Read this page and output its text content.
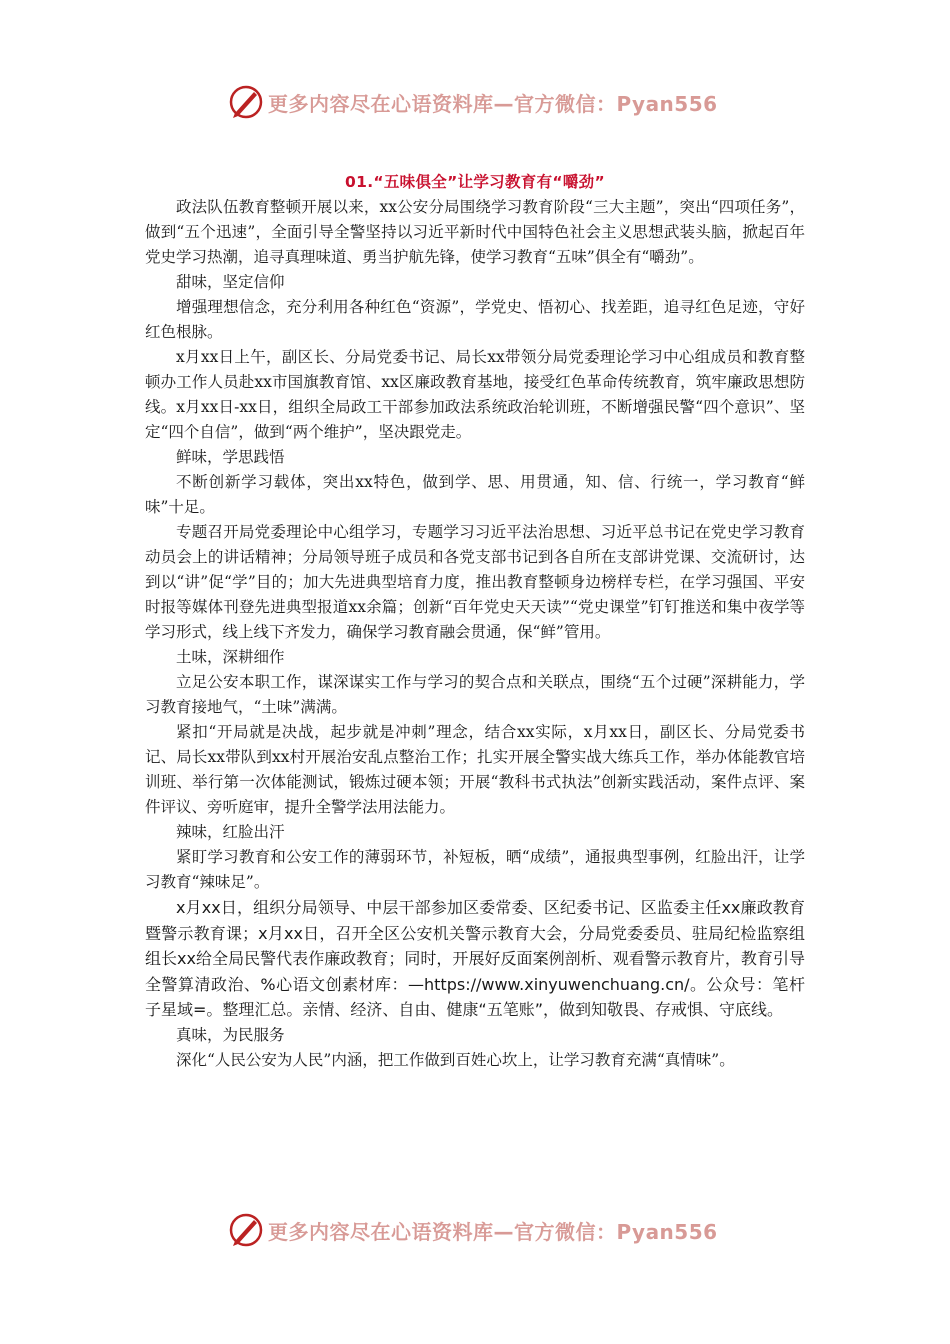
更多内容尽在心语资料库—官方微信：Pyan556
01.“五味俱全”让学习教育有“嚼劲”

政法队伍教育整顿开展以来，xx公安分局围绕学习教育阶段“三大主题”，突出“四项任务”，做到“五个迅速”，全面引导全警坚持以习近平新时代中国特色社会主义思想武装头脑，掀起百年党史学习热潮，追寻真理味道、勇当护航先锋，使学习教育“五味”俱全有“嚼劲”。

甜味，坚定信仰

增强理想信念，充分利用各种红色“资源”，学党史、悟初心、找差距，追寻红色足迹，守好红色根脉。

x月xx日上午，副区长、分局党委书记、局长xx带领分局党委理论学习中心组成员和教育整顿办工作人员赴xx市国旗教育馆、xx区廉政教育基地，接受红色革命传统教育，筑牢廉政思想防线。x月xx日-xx日，组织全局政工干部参加政法系统政治轮训班，不断增强民警“四个意识”、坚定“四个自信”，做到“两个维护”，坚决跟党走。

鲜味，学思践悟

不断创新学习载体，突出xx特色，做到学、思、用贯通，知、信、行统一，学习教育“鲜味”十足。

专题召开局党委理论中心组学习，专题学习习近平法治思想、习近平总书记在党史学习教育动员会上的讲话精神；分局领导班子成员和各党支部书记到各自所在支部讲党课、交流研讨，达到以“讲”促“学”目的；加大先进典型培育力度，推出教育整顿身边榜样专栏，在学习强国、平安时报等媒体刊登先进典型报道xx余篇；创新“百年党史天天读”“党史课堂”钉钉推送和集中夜学等学习形式，线上线下齐发力，确保学习教育融会贯通，保“鲜”管用。

土味，深耕细作

立足公安本职工作，谋深谋实工作与学习的契合点和关联点，围绕“五个过硬”深耕能力，学习教育接地气，“土味”满满。

紧扣“开局就是决战，起步就是冲刺”理念，结合xx实际，x月xx日，副区长、分局党委书记、局长xx带队到xx村开展治安乱点整治工作；扎实开展全警实战大练兵工作，举办体能教官培训班、举行第一次体能测试，锻炼过硬本领；开展“教科书式执法”创新实践活动，案件点评、案件评议、旁听庭审，提升全警学法用法能力。

辣味，红脸出汗

紧盯学习教育和公安工作的薄弱环节，补短板，晒“成绩”，通报典型事例，红脸出汗，让学习教育“辣味足”。

x月xx日，组织分局领导、中层干部参加区委常委、区纪委书记、区监委主任xx廉政教育暨警示教育课；x月xx日，召开全区公安机关警示教育大会，分局党委委员、驻局纪检监察组组长xx给全局民警代表作廉政教育；同时，开展好反面案例剖析、观看警示教育片，教育引导全警算清政治、%心语文创素材库：—https://www.xinyuwenchuang.cn/。公众号：笔杆子星域=。整理汇总。亲情、经济、自由、健康“五笔账”，做到知敬畏、存戒惧、守底线。

真味，为民服务

深化“人民公安为人民”内涵，把工作做到百姓心坎上，让学习教育充满“真情味”。

更多内容尽在心语资料库—官方微信：Pyan556
